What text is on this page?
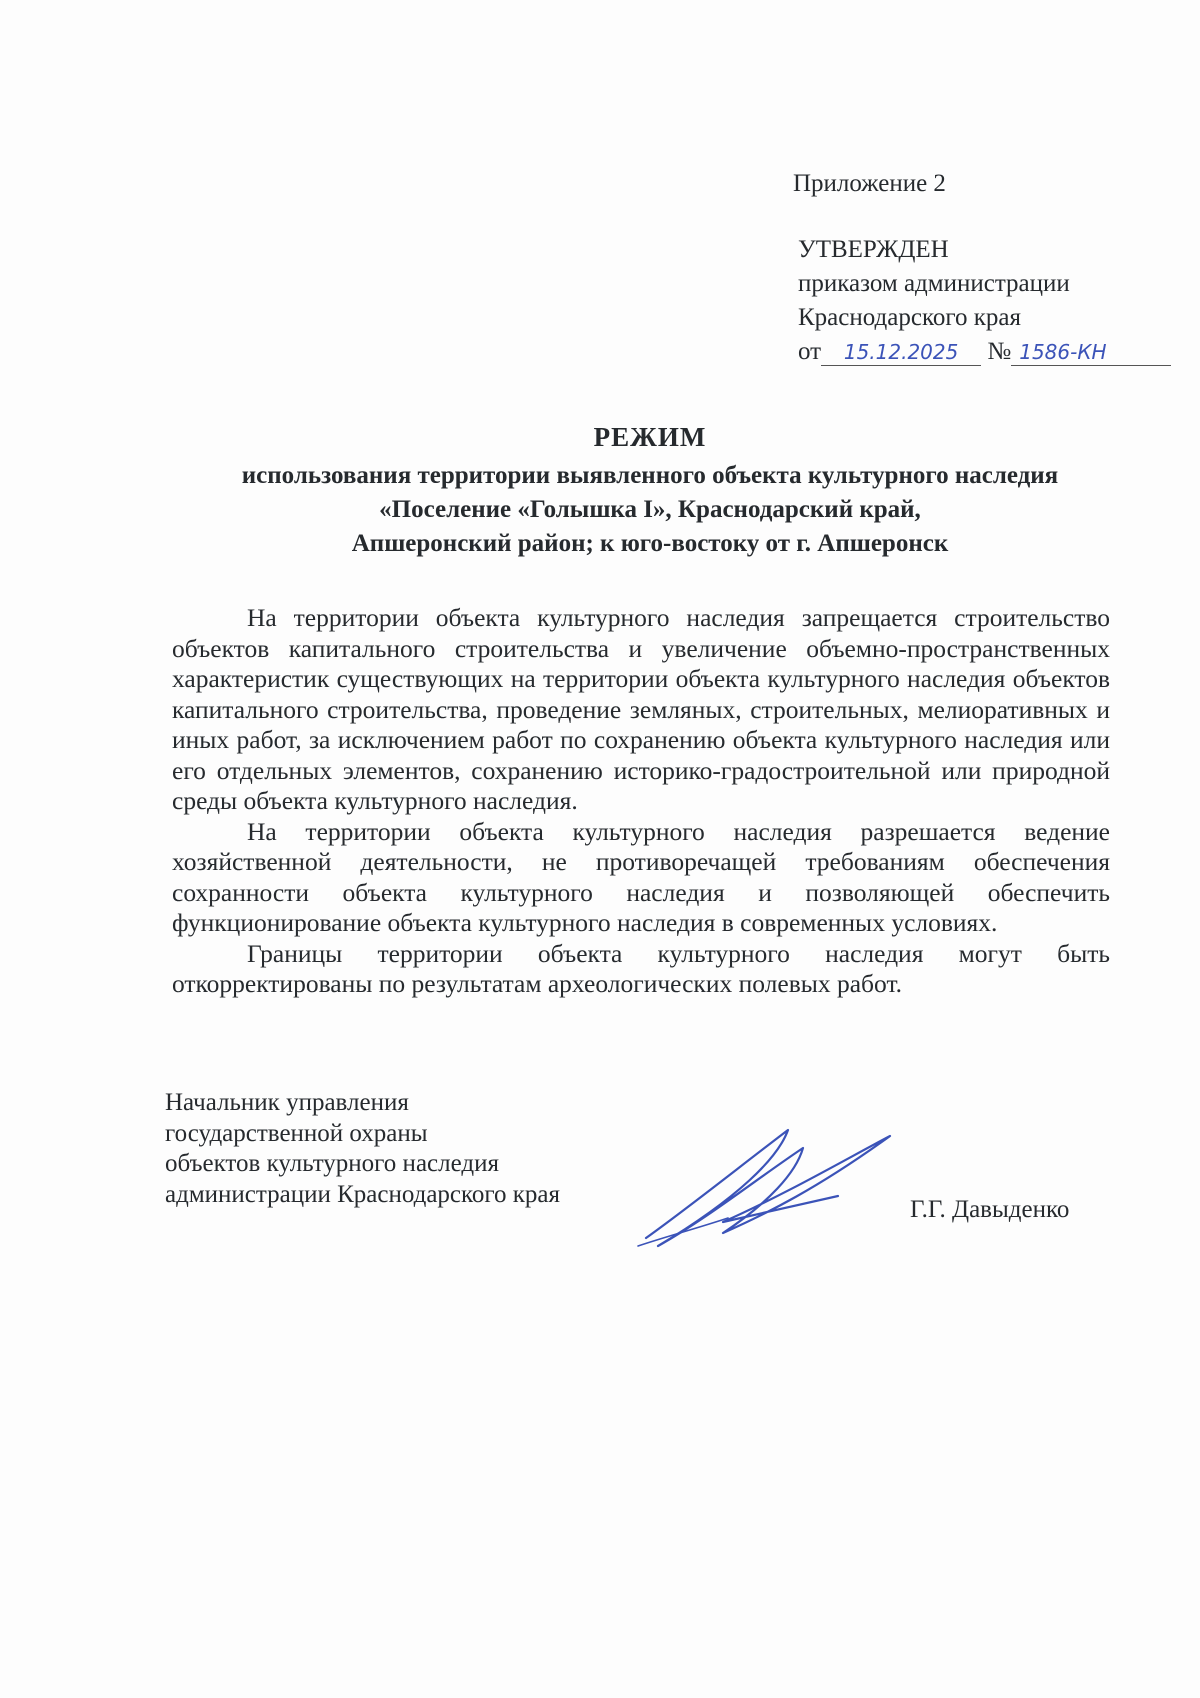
Приложение 2
УТВЕРЖДЕН
приказом администрации
Краснодарского края
от 15.12.2025 № 1586-КН
РЕЖИМ
использования территории выявленного объекта культурного наследия
«Поселение «Голышка I», Краснодарский край,
Апшеронский район; к юго-востоку от г. Апшеронск

На территории объекта культурного наследия запрещается строительство объектов капитального строительства и увеличение объемно-пространственных характеристик существующих на территории объекта культурного наследия объектов капитального строительства, проведение земляных, строительных, мелиоративных и иных работ, за исключением работ по сохранению объекта культурного наследия или его отдельных элементов, сохранению историко-градостроительной или природной среды объекта культурного наследия.

На территории объекта культурного наследия разрешается ведение хозяйственной деятельности, не противоречащей требованиям обеспечения сохранности объекта культурного наследия и позволяющей обеспечить функционирование объекта культурного наследия в современных условиях.

Границы территории объекта культурного наследия могут быть откорректированы по результатам археологических полевых работ.

Начальник управления
государственной охраны
объектов культурного наследия
администрации Краснодарского края
Г.Г. Давыденко
